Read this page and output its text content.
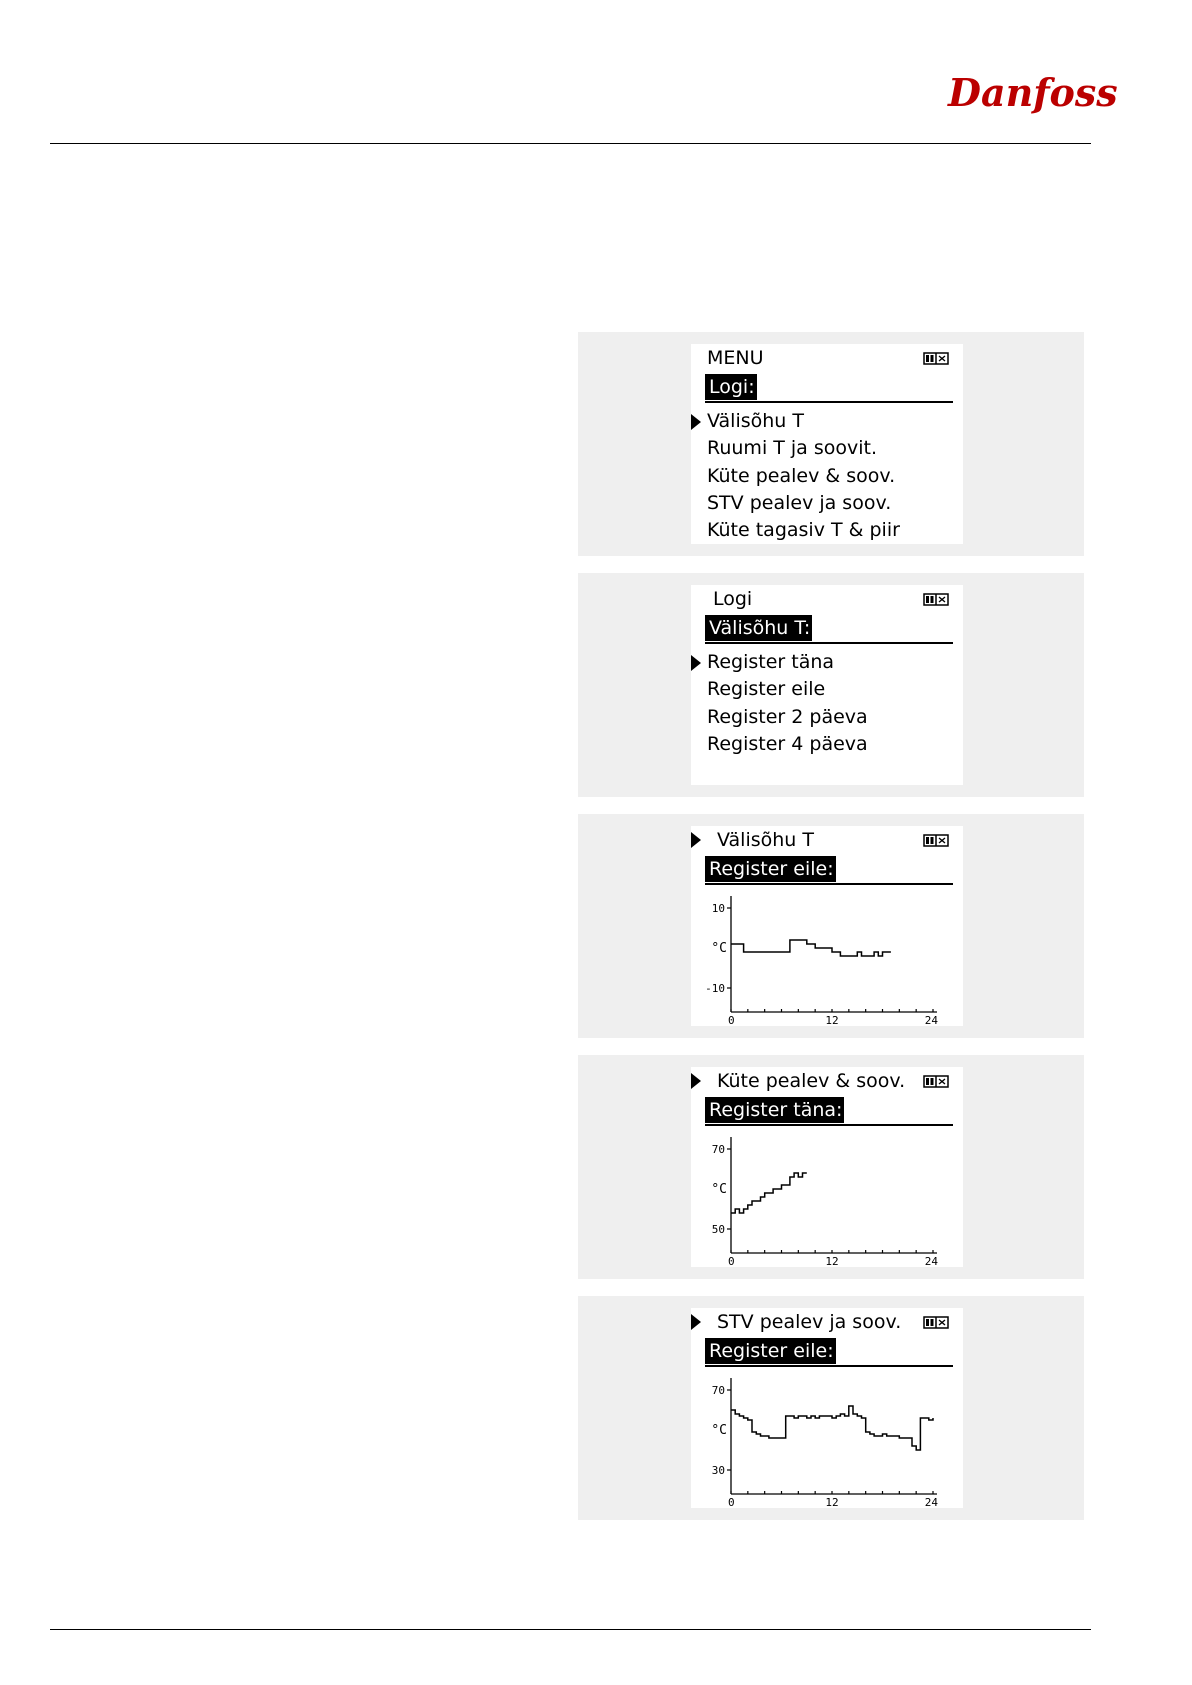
Danfoss
MENU
Logi:
Välisõhu T
Ruumi T ja soovit.
Küte pealev & soov.
STV pealev ja soov.
Küte tagasiv T & piir
Logi
Välisõhu T:
Register täna
Register eile
Register 2 päeva
Register 4 päeva
Välisõhu T
Register eile:
10
-10
°C
0	12	24
Küte pealev & soov.
Register täna:
70
50
°C
0	12	24
STV pealev ja soov.
Register eile:
70
30
°C
0	12	24
